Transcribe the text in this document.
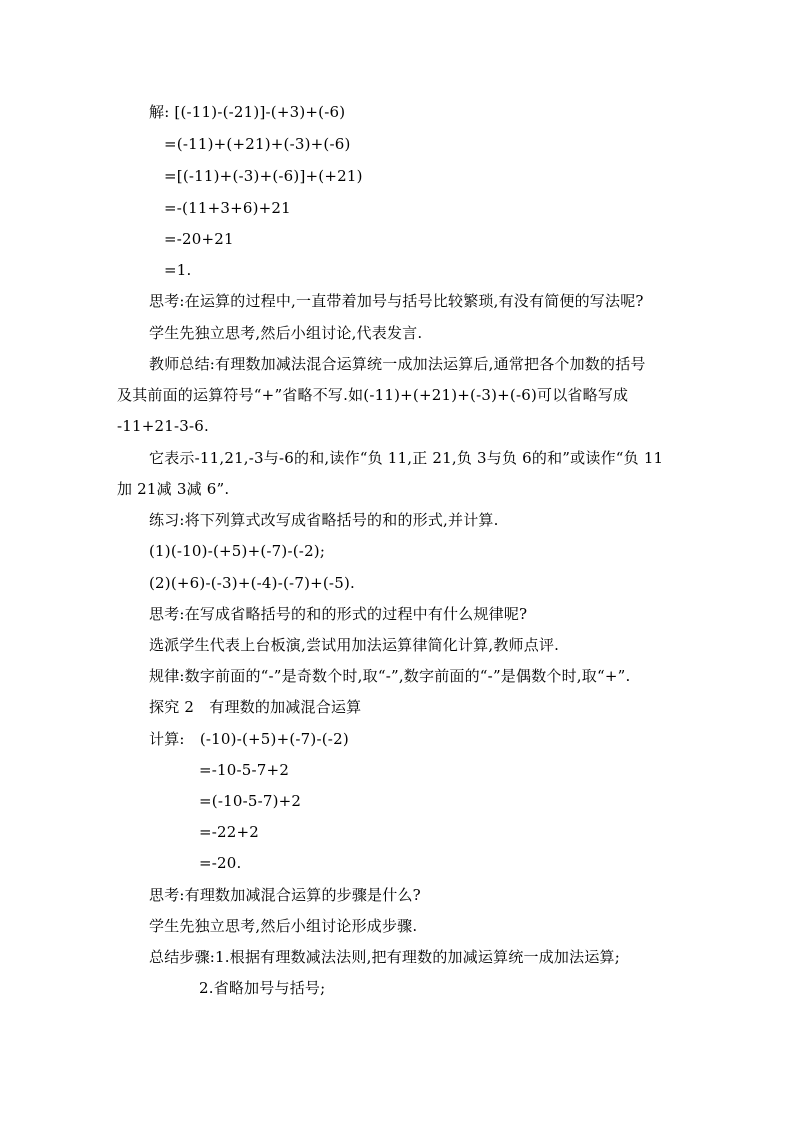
解: [(-11)-(-21)]-(+3)+(-6)
=(-11)+(+21)+(-3)+(-6)
=[(-11)+(-3)+(-6)]+(+21)
=-(11+3+6)+21
=-20+21
=1.
思考:在运算的过程中,一直带着加号与括号比较繁琐,有没有简便的写法呢?
学生先独立思考,然后小组讨论,代表发言.
教师总结:有理数加减法混合运算统一成加法运算后,通常把各个加数的括号
及其前面的运算符号“+”省略不写.如(-11)+(+21)+(-3)+(-6)可以省略写成
-11+21-3-6.
它表示-11,21,-3与-6的和,读作“负 11,正 21,负 3与负 6的和”或读作“负 11
加 21减 3减 6”.
练习:将下列算式改写成省略括号的和的形式,并计算.
(1)(-10)-(+5)+(-7)-(-2);
(2)(+6)-(-3)+(-4)-(-7)+(-5).
思考:在写成省略括号的和的形式的过程中有什么规律呢?
选派学生代表上台板演,尝试用加法运算律简化计算,教师点评.
规律:数字前面的“-”是奇数个时,取“-”,数字前面的“-”是偶数个时,取“+”.
探究 2　有理数的加减混合运算
计算:　(-10)-(+5)+(-7)-(-2)
=-10-5-7+2
=(-10-5-7)+2
=-22+2
=-20.
思考:有理数加减混合运算的步骤是什么?
学生先独立思考,然后小组讨论形成步骤.
总结步骤:1.根据有理数减法法则,把有理数的加减运算统一成加法运算;
2.省略加号与括号;
